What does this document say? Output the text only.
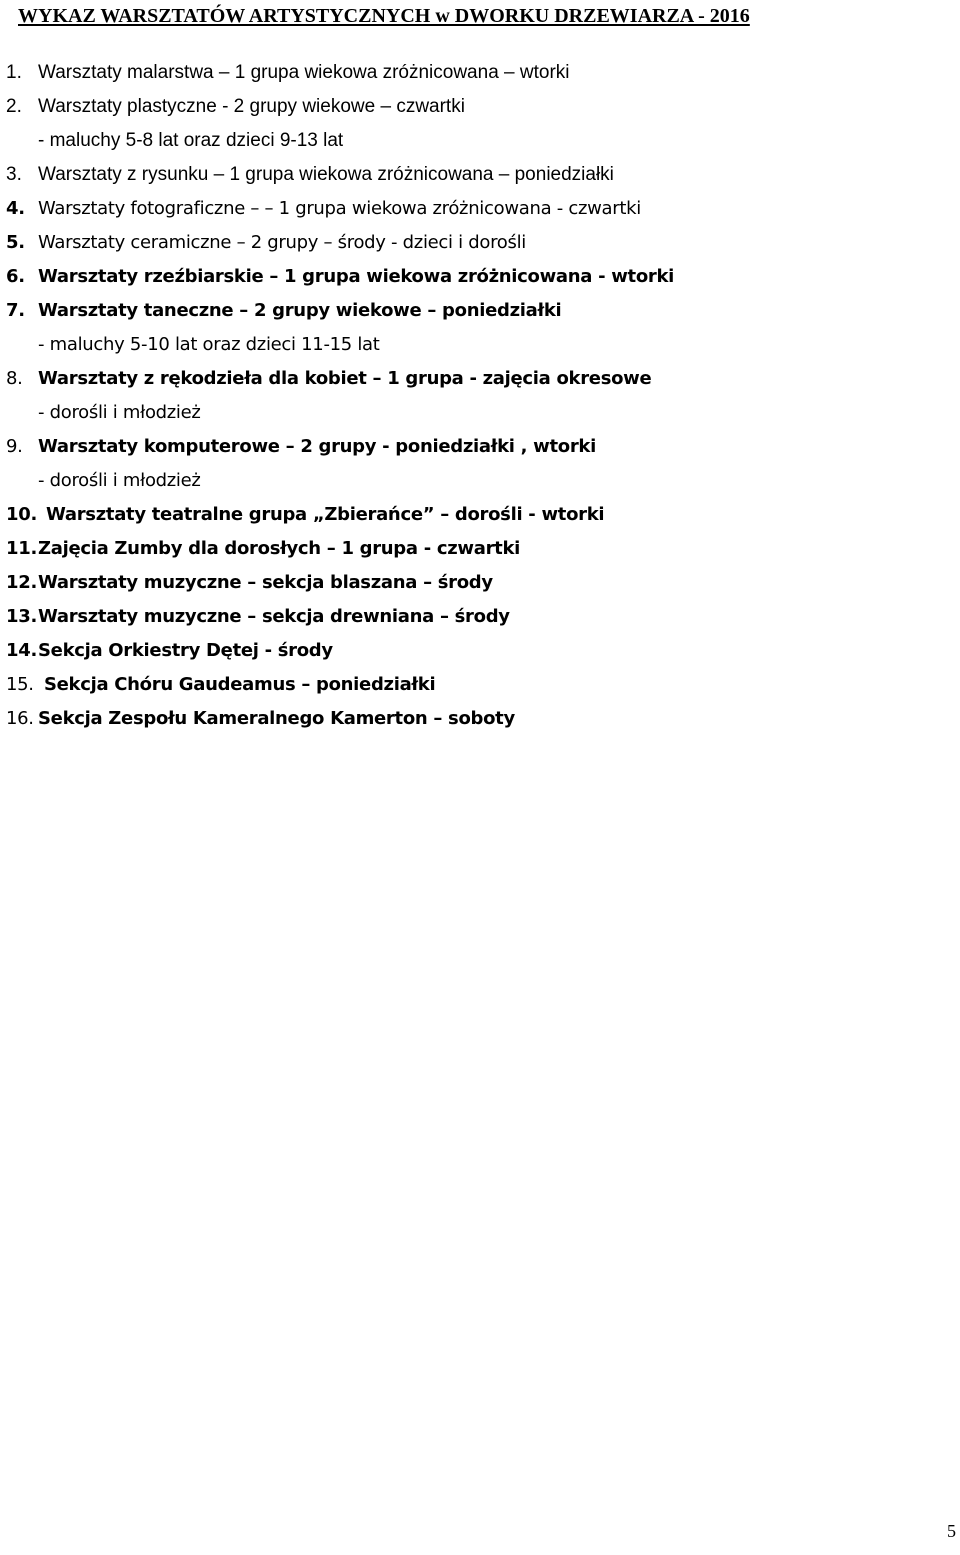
WYKAZ WARSZTATÓW ARTYSTYCZNYCH w DWORKU DRZEWIARZA - 2016
1. Warsztaty malarstwa – 1 grupa wiekowa zróżnicowana – wtorki
2. Warsztaty plastyczne - 2 grupy wiekowe – czwartki
- maluchy 5-8 lat oraz dzieci 9-13 lat
3. Warsztaty z rysunku – 1 grupa wiekowa zróżnicowana – poniedziałki
4. Warsztaty fotograficzne – – 1 grupa wiekowa zróżnicowana - czwartki
5. Warsztaty ceramiczne – 2 grupy – środy - dzieci i dorośli
6. Warsztaty rzeźbiarskie – 1 grupa wiekowa zróżnicowana - wtorki
7. Warsztaty taneczne – 2 grupy wiekowe – poniedziałki
- maluchy 5-10 lat oraz dzieci 11-15 lat
8. Warsztaty z rękodzieła dla kobiet – 1 grupa - zajęcia okresowe
- dorośli i młodzież
9. Warsztaty komputerowe – 2 grupy - poniedziałki , wtorki
- dorośli i młodzież
10. Warsztaty teatralne grupa „Zbierańce” – dorośli - wtorki
11.Zajęcia Zumby dla dorosłych – 1 grupa - czwartki
12.Warsztaty muzyczne – sekcja blaszana – środy
13.Warsztaty muzyczne – sekcja drewniana – środy
14.Sekcja Orkiestry Dętej - środy
15. Sekcja Chóru Gaudeamus – poniedziałki
16. Sekcja Zespołu Kameralnego Kamerton – soboty
5
